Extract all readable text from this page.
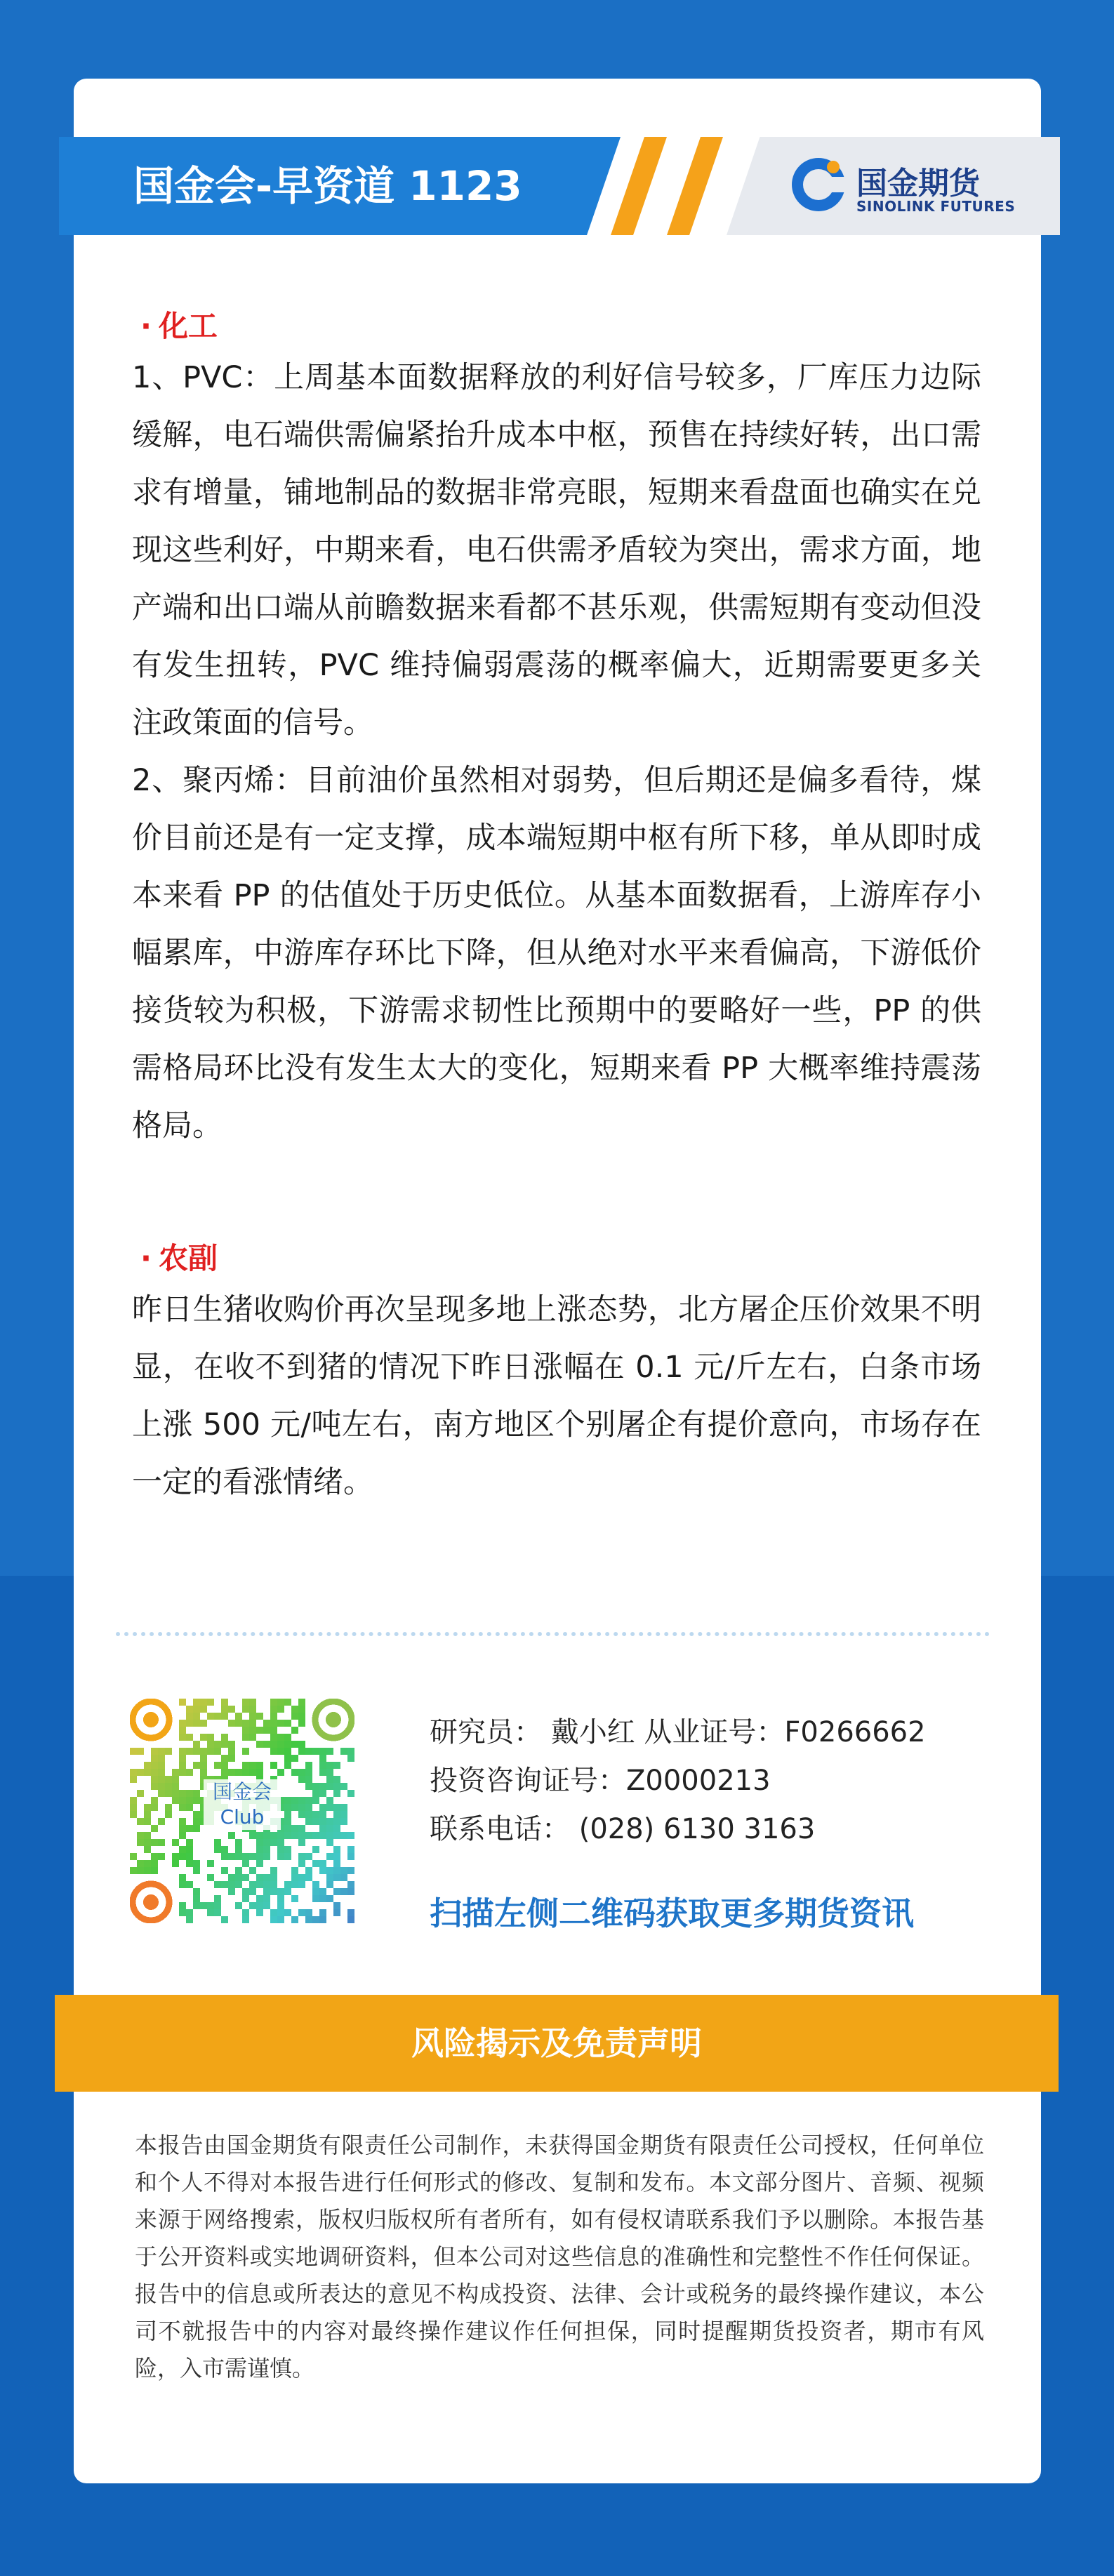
国金会-早资道 1123	国金期货
SINOLINK FUTURES
· 化工
1、PVC：上周基本面数据释放的利好信号较多，厂库压力边际缓解，电石端供需偏紧抬升成本中枢，预售在持续好转，出口需求有增量，铺地制品的数据非常亮眼，短期来看盘面也确实在兑现这些利好，中期来看，电石供需矛盾较为突出，需求方面，地产端和出口端从前瞻数据来看都不甚乐观，供需短期有变动但没有发生扭转，PVC 维持偏弱震荡的概率偏大，近期需要更多关注政策面的信号。
2、聚丙烯：目前油价虽然相对弱势，但后期还是偏多看待，煤价目前还是有一定支撑，成本端短期中枢有所下移，单从即时成本来看 PP 的估值处于历史低位。从基本面数据看，上游库存小幅累库，中游库存环比下降，但从绝对水平来看偏高，下游低价接货较为积极，下游需求韧性比预期中的要略好一些，PP 的供需格局环比没有发生太大的变化，短期来看 PP 大概率维持震荡格局。
· 农副
昨日生猪收购价再次呈现多地上涨态势，北方屠企压价效果不明显，在收不到猪的情况下昨日涨幅在 0.1 元/斤左右，白条市场上涨 500 元/吨左右，南方地区个别屠企有提价意向，市场存在一定的看涨情绪。
国金会
Club
研究员： 戴小红 从业证号：F0266662
投资咨询证号：Z0000213
联系电话： (028) 6130 3163
扫描左侧二维码获取更多期货资讯
风险揭示及免责声明
本报告由国金期货有限责任公司制作，未获得国金期货有限责任公司授权，任何单位和个人不得对本报告进行任何形式的修改、复制和发布。本文部分图片、音频、视频来源于网络搜索，版权归版权所有者所有，如有侵权请联系我们予以删除。本报告基于公开资料或实地调研资料，但本公司对这些信息的准确性和完整性不作任何保证。报告中的信息或所表达的意见不构成投资、法律、会计或税务的最终操作建议，本公司不就报告中的内容对最终操作建议作任何担保，同时提醒期货投资者，期市有风险，入市需谨慎。
